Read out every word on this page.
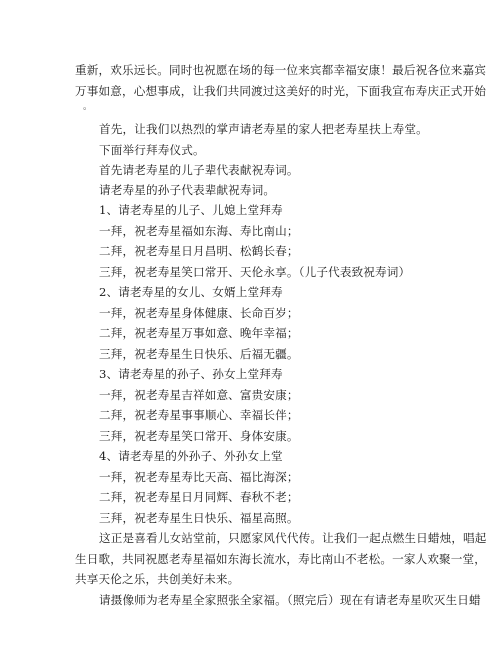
重新，欢乐远长。同时也祝愿在场的每一位来宾都幸福安康！最后祝各位来嘉宾
万事如意，心想事成，让我们共同渡过这美好的时光，下面我宣布寿庆正式开始
。
首先，让我们以热烈的掌声请老寿星的家人把老寿星扶上寿堂。
下面举行拜寿仪式。
首先请老寿星的儿子辈代表献祝寿词。
请老寿星的孙子代表辈献祝寿词。
1、请老寿星的儿子、儿媳上堂拜寿
一拜，祝老寿星福如东海、寿比南山；
二拜，祝老寿星日月昌明、松鹤长春；
三拜，祝老寿星笑口常开、天伦永享。（儿子代表致祝寿词）
2、请老寿星的女儿、女婿上堂拜寿
一拜，祝老寿星身体健康、长命百岁；
二拜，祝老寿星万事如意、晚年幸福；
三拜，祝老寿星生日快乐、后福无疆。
3、请老寿星的孙子、孙女上堂拜寿
一拜，祝老寿星吉祥如意、富贵安康；
二拜，祝老寿星事事顺心、幸福长伴；
三拜，祝老寿星笑口常开、身体安康。
4、请老寿星的外孙子、外孙女上堂
一拜，祝老寿星寿比天高、福比海深；
二拜，祝老寿星日月同辉、春秋不老；
三拜，祝老寿星生日快乐、福星高照。
这正是喜看儿女站堂前，只愿家风代代传。让我们一起点燃生日蜡烛，唱起
生日歌，共同祝愿老寿星福如东海长流水，寿比南山不老松。一家人欢聚一堂，
共享天伦之乐，共创美好未来。
请摄像师为老寿星全家照张全家福。（照完后）现在有请老寿星吹灭生日蜡
